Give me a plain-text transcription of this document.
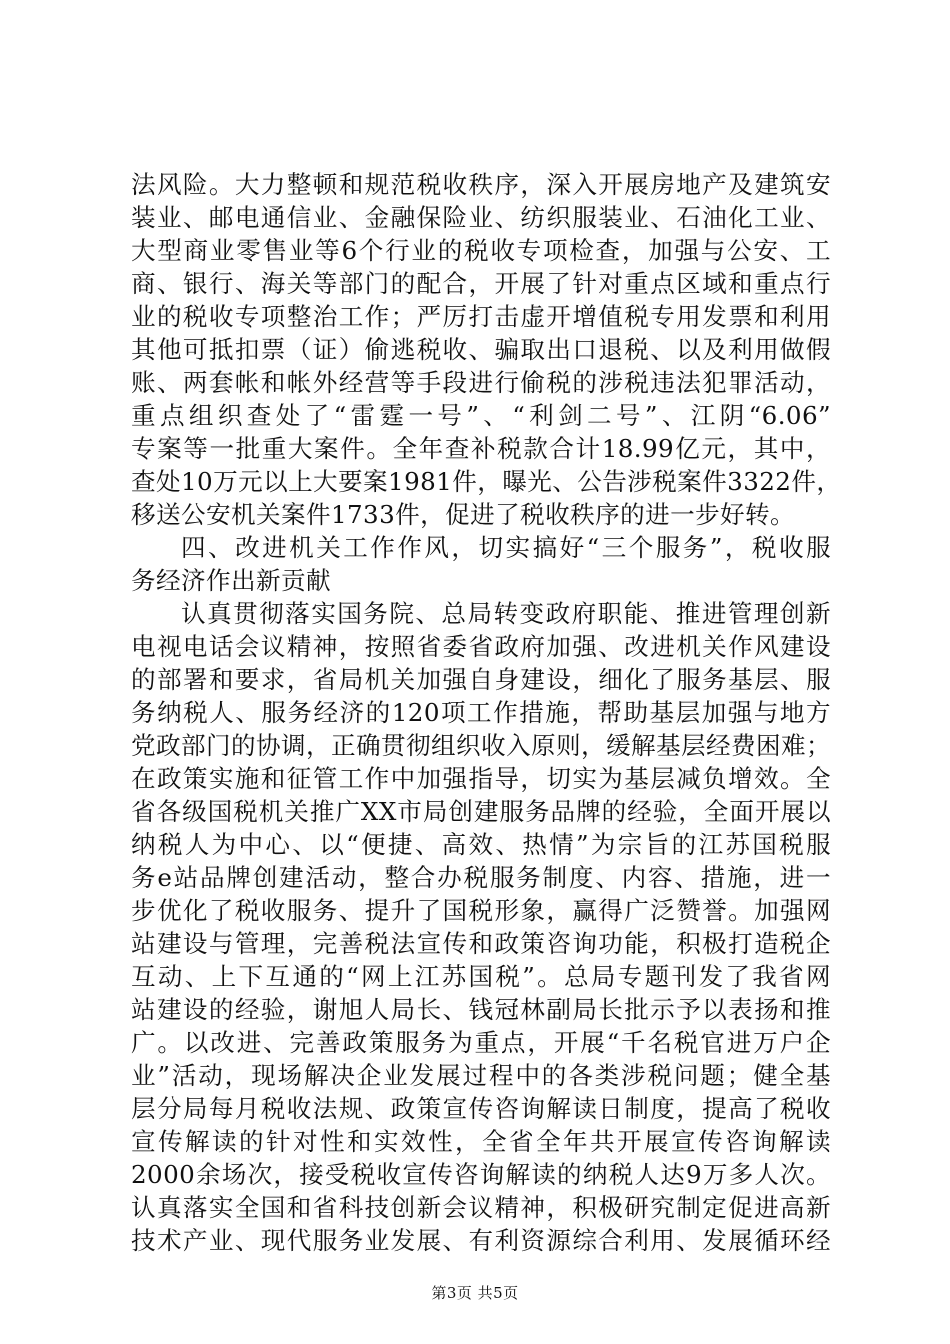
法风险。大力整顿和规范税收秩序，深入开展房地产及建筑安
装业、邮电通信业、金融保险业、纺织服装业、石油化工业、
大型商业零售业等6个行业的税收专项检查，加强与公安、工
商、银行、海关等部门的配合，开展了针对重点区域和重点行
业的税收专项整治工作；严厉打击虚开增值税专用发票和利用
其他可抵扣票（证）偷逃税收、骗取出口退税、以及利用做假
账、两套帐和帐外经营等手段进行偷税的涉税违法犯罪活动，
重点组织查处了“雷霆一号”、“利剑二号”、江阴“6.06”
专案等一批重大案件。全年查补税款合计18.99亿元，其中，
查处10万元以上大要案1981件，曝光、公告涉税案件3322件，
移送公安机关案件1733件，促进了税收秩序的进一步好转。
四、改进机关工作作风，切实搞好“三个服务”，税收服
务经济作出新贡献
认真贯彻落实国务院、总局转变政府职能、推进管理创新
电视电话会议精神，按照省委省政府加强、改进机关作风建设
的部署和要求，省局机关加强自身建设，细化了服务基层、服
务纳税人、服务经济的120项工作措施，帮助基层加强与地方
党政部门的协调，正确贯彻组织收入原则，缓解基层经费困难；
在政策实施和征管工作中加强指导，切实为基层减负增效。全
省各级国税机关推广XX市局创建服务品牌的经验，全面开展以
纳税人为中心、以“便捷、高效、热情”为宗旨的江苏国税服
务e站品牌创建活动，整合办税服务制度、内容、措施，进一
步优化了税收服务、提升了国税形象，赢得广泛赞誉。加强网
站建设与管理，完善税法宣传和政策咨询功能，积极打造税企
互动、上下互通的“网上江苏国税”。总局专题刊发了我省网
站建设的经验，谢旭人局长、钱冠林副局长批示予以表扬和推
广。以改进、完善政策服务为重点，开展“千名税官进万户企
业”活动，现场解决企业发展过程中的各类涉税问题；健全基
层分局每月税收法规、政策宣传咨询解读日制度，提高了税收
宣传解读的针对性和实效性，全省全年共开展宣传咨询解读
2000余场次，接受税收宣传咨询解读的纳税人达9万多人次。
认真落实全国和省科技创新会议精神，积极研究制定促进高新
技术产业、现代服务业发展、有利资源综合利用、发展循环经
第3页 共5页
